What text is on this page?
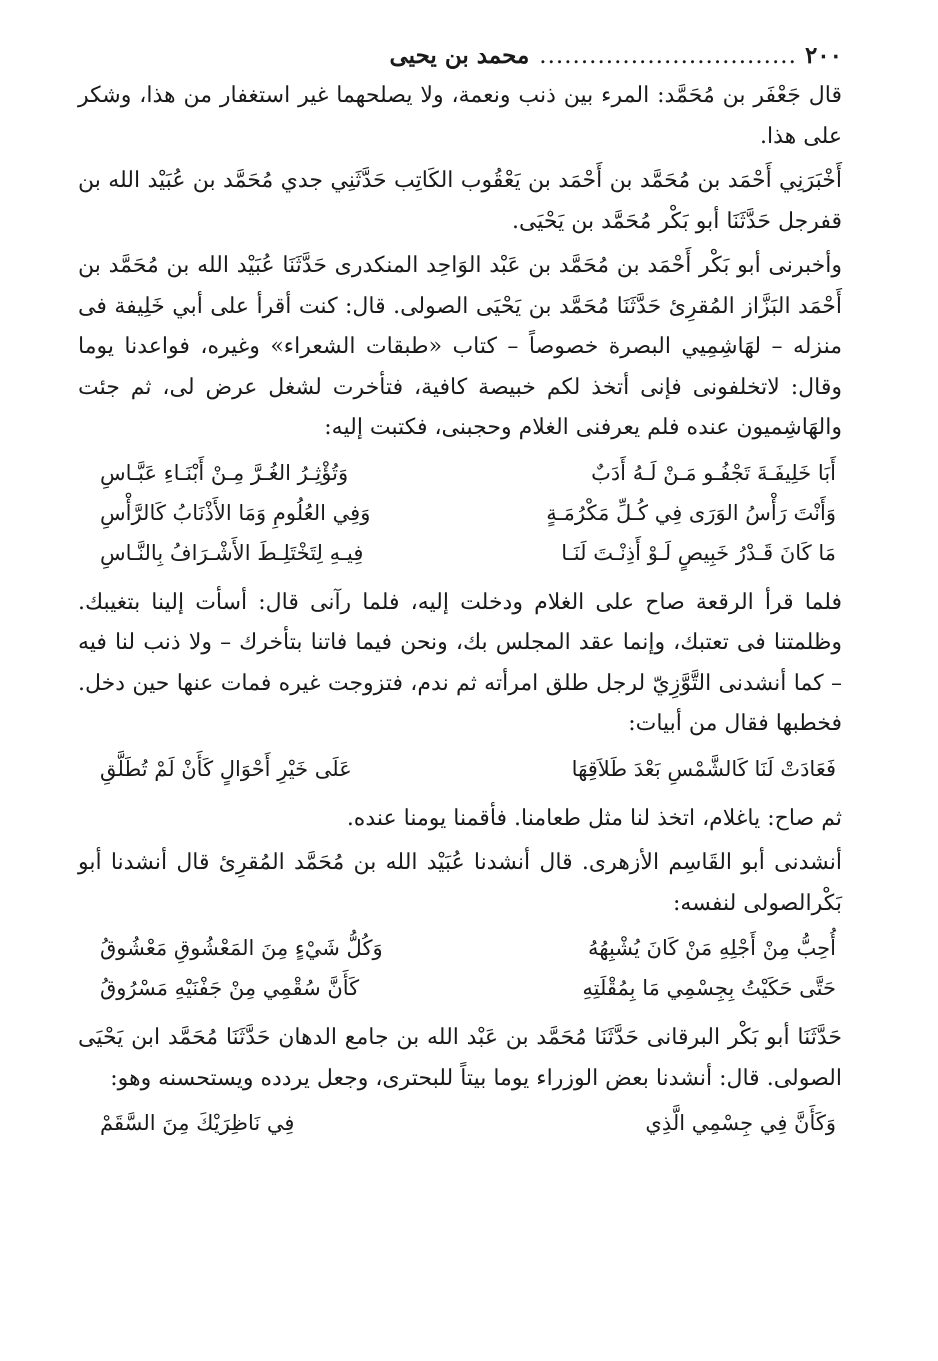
٢٠٠
...............................
محمد بن يحيى

قال جَعْفَر بن مُحَمَّد: المرء بين ذنب ونعمة، ولا يصلحهما غير استغفار من هذا، وشكر على هذا.

أَخْبَرَنِي أَحْمَد بن مُحَمَّد بن أَحْمَد بن يَعْقُوب الكَاتِب حَدَّثَنِي جدي مُحَمَّد بن عُبَيْد الله بن قفرجل حَدَّثَنَا أبو بَكْر مُحَمَّد بن يَحْيَى.

وأخبرنى أبو بَكْر أَحْمَد بن مُحَمَّد بن عَبْد الوَاحِد المنكدرى حَدَّثَنَا عُبَيْد الله بن مُحَمَّد بن أَحْمَد البَزَّاز المُقرِئ حَدَّثَنَا مُحَمَّد بن يَحْيَى الصولى. قال: كنت أقرأ على أبي خَلِيفة فى منزله – لهَاشِمِيي البصرة خصوصاً – كتاب «طبقات الشعراء» وغيره، فواعدنا يوما وقال: لاتخلفونى فإنى أتخذ لكم خبيصة كافية، فتأخرت لشغل عرض لى، ثم جئت والهَاشِميون عنده فلم يعرفنى الغلام وحجبنى، فكتبت إليه:

أَبَا خَلِيفَـةَ تَجْفُـو مَـنْ لَـهُ أَدَبٌ
وَتُؤْثِـرُ الغُـرَّ مِـنْ أَبْنَـاءِ عَبَّـاسِ
وَأَنْتَ رَأْسُ الوَرَى فِي كُـلِّ مَكْرُمَـةٍ
وَفِي العُلُومِ وَمَا الأَذْنَابُ كَالرَّأْسِ
مَا كَانَ قَـدْرُ خَبِيصٍ لَـوْ أَذِنْـتَ لَنَـا
فِيـهِ لِتَخْتَلِـطَ الأَشْـرَافُ بِالنَّـاسِ

فلما قرأ الرقعة صاح على الغلام ودخلت إليه، فلما رآنى قال: أسأت إلينا بتغيبك. وظلمتنا فى تعتبك، وإنما عقد المجلس بك، ونحن فيما فاتنا بتأخرك – ولا ذنب لنا فيه – كما أنشدنى التَّوَّزِيّ لرجل طلق امرأته ثم ندم، فتزوجت غيره فمات عنها حين دخل. فخطبها فقال من أبيات:

فَعَادَتْ لَنَا كَالشَّمْسِ بَعْدَ طَلاَقِهَا
عَلَى خَيْرِ أَحْوَالٍ كَأَنْ لَمْ تُطَلَّقِ

ثم صاح: ياغلام، اتخذ لنا مثل طعامنا. فأقمنا يومنا عنده.

أنشدنى أبو القَاسِم الأزهرى. قال أنشدنا عُبَيْد الله بن مُحَمَّد المُقرِئ قال أنشدنا أبو بَكْرالصولى لنفسه:

أُحِبُّ مِنْ أَجْلِهِ مَنْ كَانَ يُشْبِهُهُ
وَكُلُّ شَيْءٍ مِنَ المَعْشُوقِ مَعْشُوقُ
حَتَّى حَكَيْتُ بِجِسْمِي مَا بِمُقْلَتِهِ
كَأَنَّ سُقْمِي مِنْ جَفْنَيْهِ مَسْرُوقُ

حَدَّثَنَا أبو بَكْر البرقانى حَدَّثَنَا مُحَمَّد بن عَبْد الله بن جامع الدهان حَدَّثَنَا مُحَمَّد ابن يَحْيَى الصولى. قال: أنشدنا بعض الوزراء يوما بيتاً للبحترى، وجعل يردده ويستحسنه وهو:

وَكَأَنَّ فِي جِسْمِي الَّذِي
فِي نَاظِرَيْكَ مِنَ السَّقَمْ
